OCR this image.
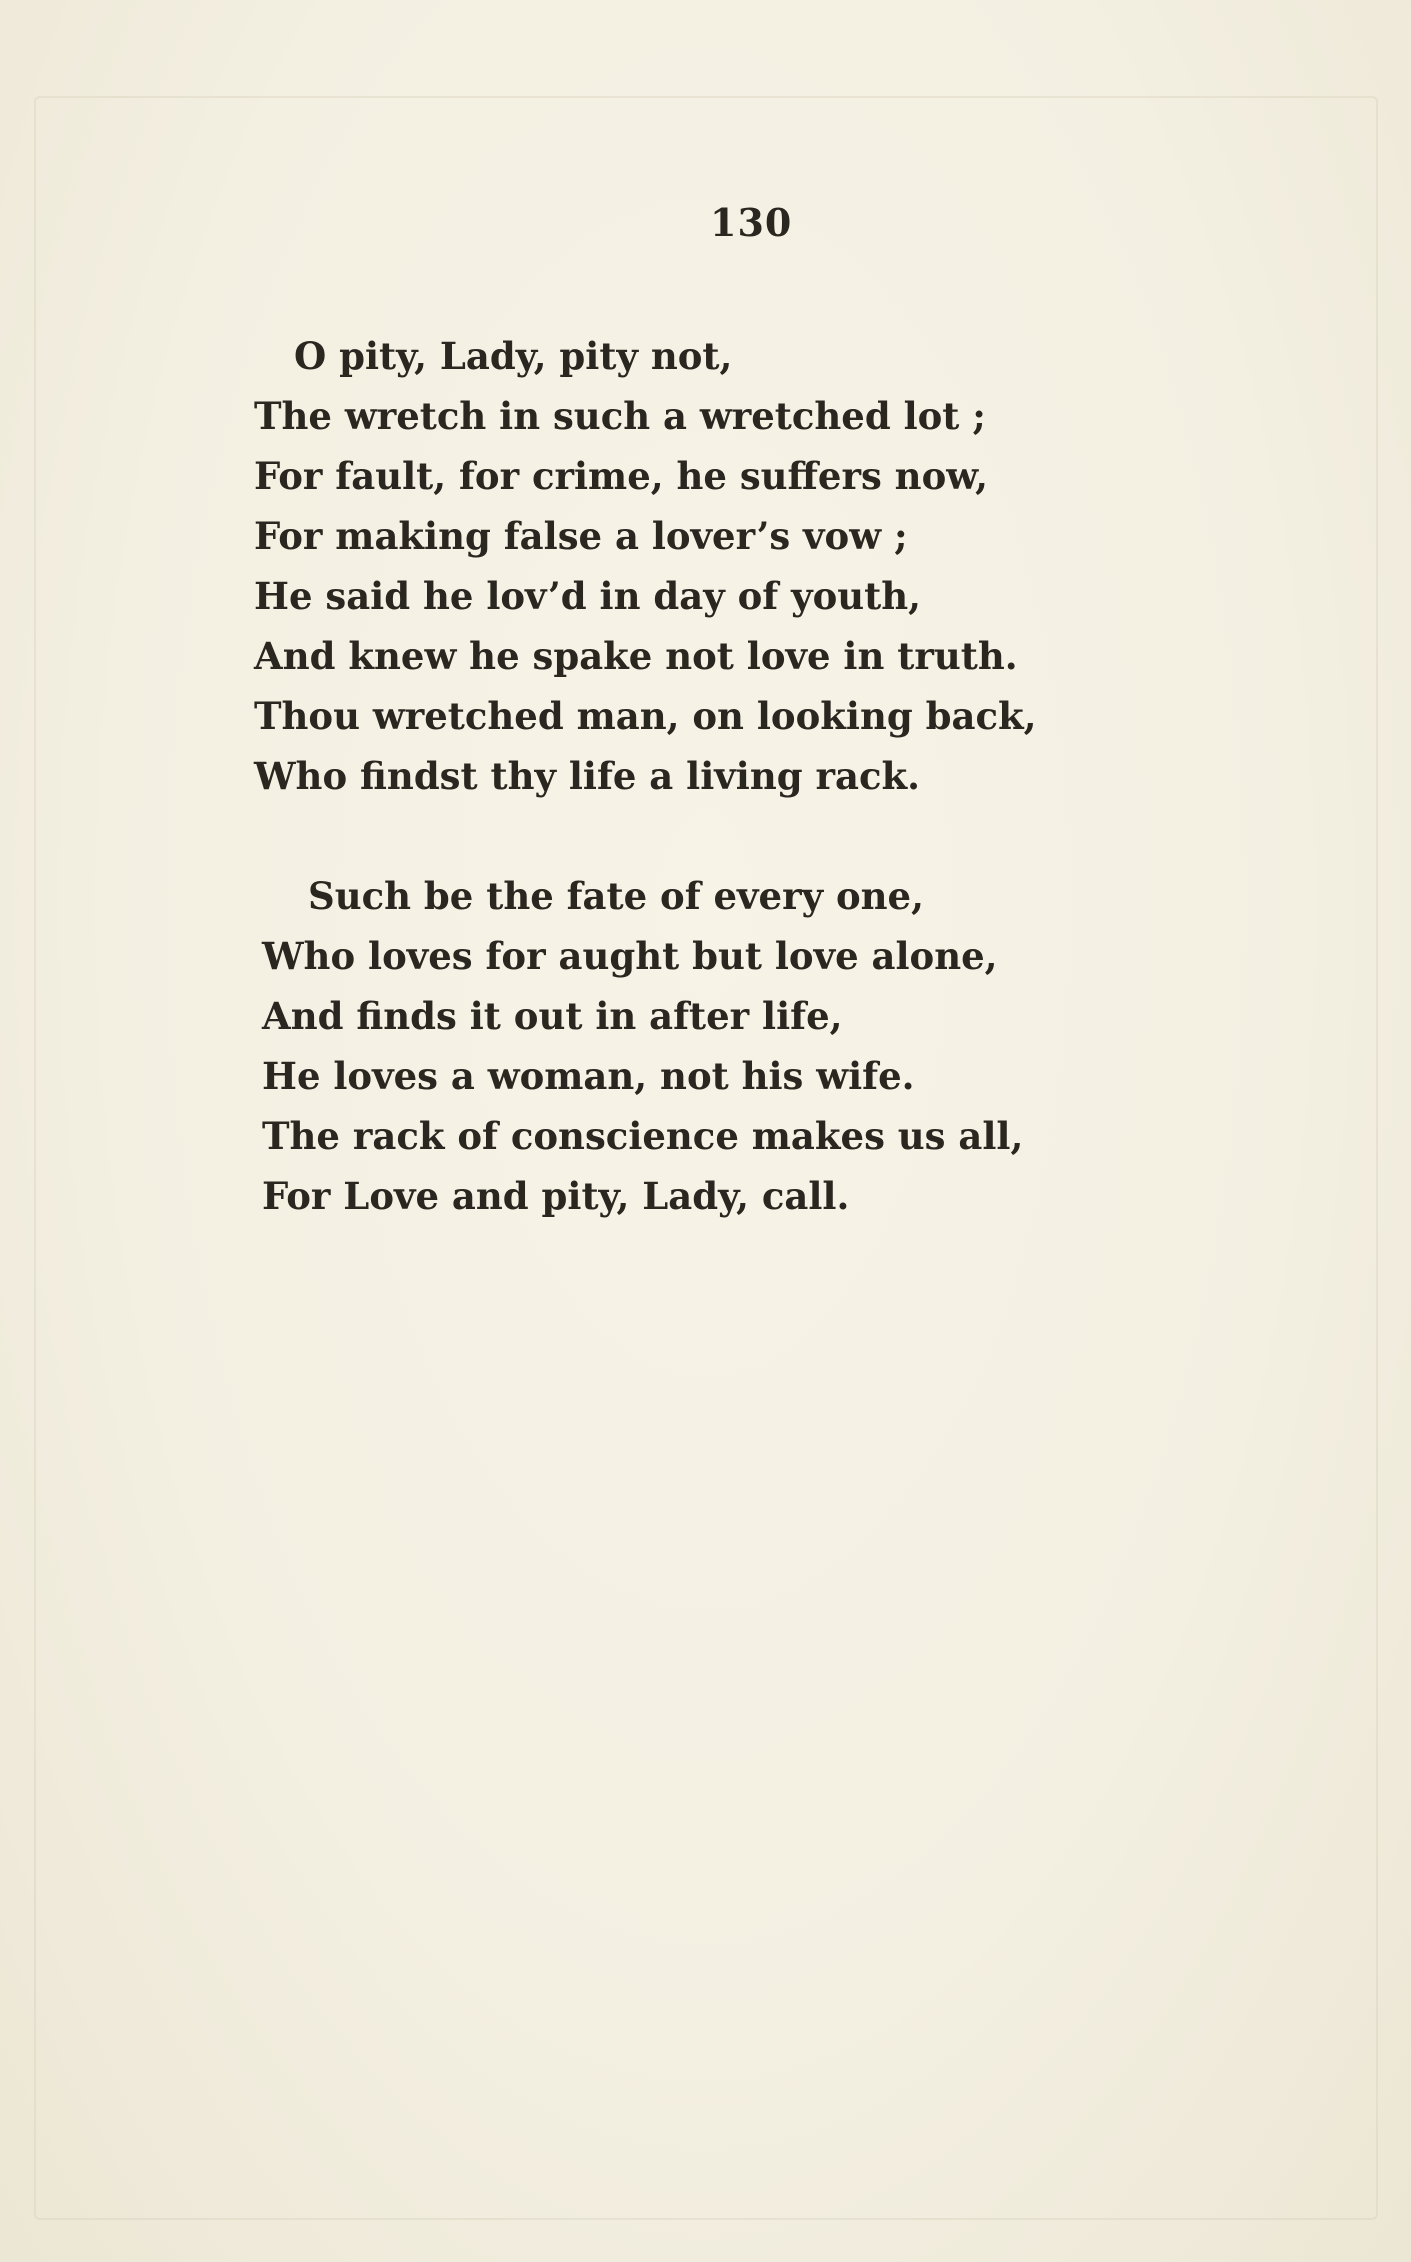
130
O pity, Lady, pity not,
The wretch in such a wretched lot ;
For fault, for crime, he suffers now,
For making false a lover’s vow ;
He said he lov’d in day of youth,
And knew he spake not love in truth.
Thou wretched man, on looking back,
Who findst thy life a living rack.
Such be the fate of every one,
Who loves for aught but love alone,
And finds it out in after life,
He loves a woman, not his wife.
The rack of conscience makes us all,
For Love and pity, Lady, call.
